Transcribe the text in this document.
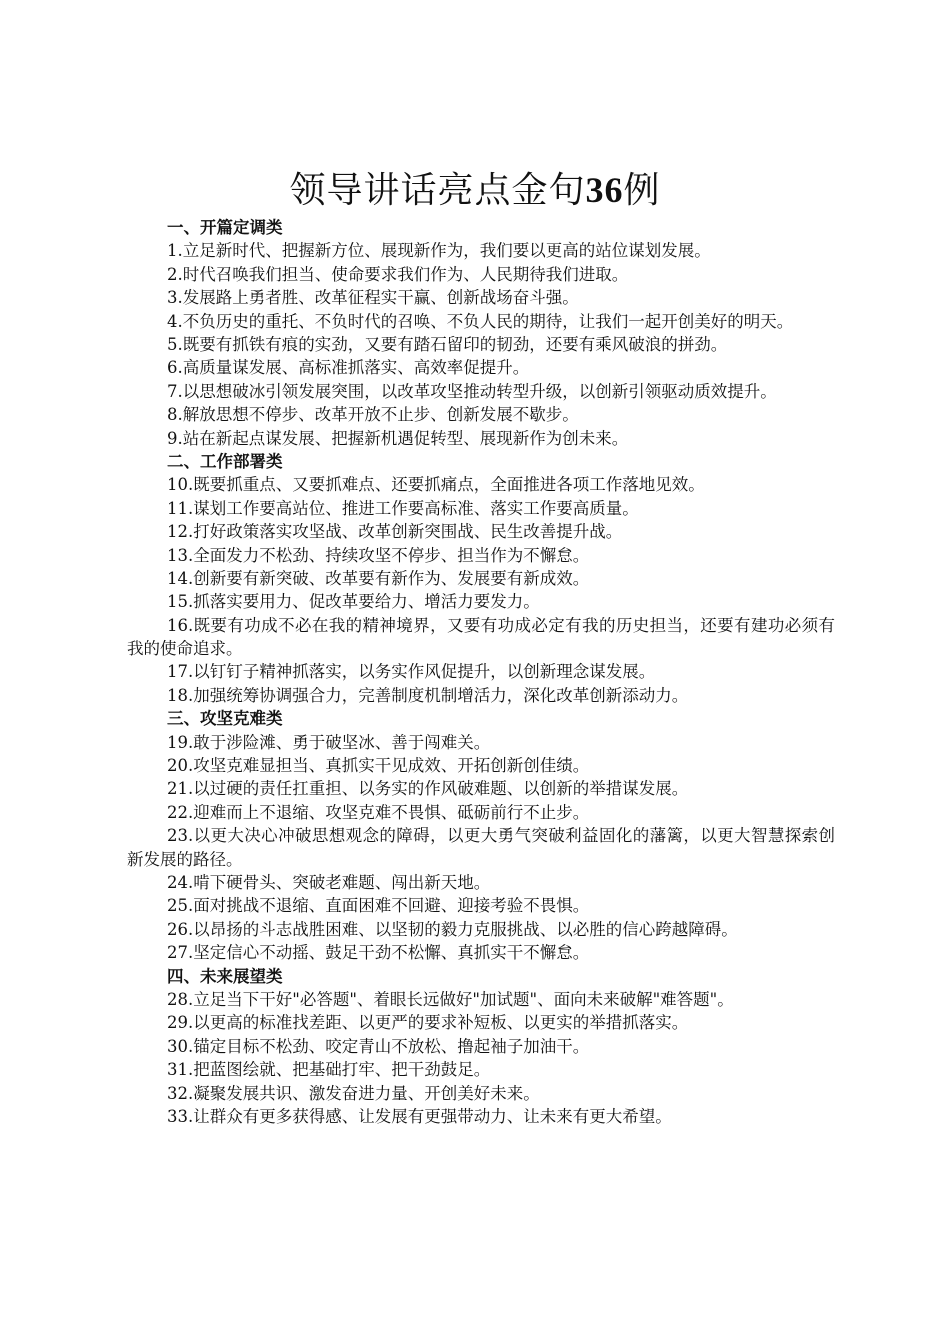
领导讲话亮点金句36例
一、开篇定调类
1.立足新时代、把握新方位、展现新作为，我们要以更高的站位谋划发展。
2.时代召唤我们担当、使命要求我们作为、人民期待我们进取。
3.发展路上勇者胜、改革征程实干赢、创新战场奋斗强。
4.不负历史的重托、不负时代的召唤、不负人民的期待，让我们一起开创美好的明天。
5.既要有抓铁有痕的实劲，又要有踏石留印的韧劲，还要有乘风破浪的拼劲。
6.高质量谋发展、高标准抓落实、高效率促提升。
7.以思想破冰引领发展突围，以改革攻坚推动转型升级，以创新引领驱动质效提升。
8.解放思想不停步、改革开放不止步、创新发展不歇步。
9.站在新起点谋发展、把握新机遇促转型、展现新作为创未来。
二、工作部署类
10.既要抓重点、又要抓难点、还要抓痛点，全面推进各项工作落地见效。
11.谋划工作要高站位、推进工作要高标准、落实工作要高质量。
12.打好政策落实攻坚战、改革创新突围战、民生改善提升战。
13.全面发力不松劲、持续攻坚不停步、担当作为不懈怠。
14.创新要有新突破、改革要有新作为、发展要有新成效。
15.抓落实要用力、促改革要给力、增活力要发力。
16.既要有功成不必在我的精神境界，又要有功成必定有我的历史担当，还要有建功必须有我的使命追求。
17.以钉钉子精神抓落实，以务实作风促提升，以创新理念谋发展。
18.加强统筹协调强合力，完善制度机制增活力，深化改革创新添动力。
三、攻坚克难类
19.敢于涉险滩、勇于破坚冰、善于闯难关。
20.攻坚克难显担当、真抓实干见成效、开拓创新创佳绩。
21.以过硬的责任扛重担、以务实的作风破难题、以创新的举措谋发展。
22.迎难而上不退缩、攻坚克难不畏惧、砥砺前行不止步。
23.以更大决心冲破思想观念的障碍，以更大勇气突破利益固化的藩篱，以更大智慧探索创新发展的路径。
24.啃下硬骨头、突破老难题、闯出新天地。
25.面对挑战不退缩、直面困难不回避、迎接考验不畏惧。
26.以昂扬的斗志战胜困难、以坚韧的毅力克服挑战、以必胜的信心跨越障碍。
27.坚定信心不动摇、鼓足干劲不松懈、真抓实干不懈怠。
四、未来展望类
28.立足当下干好"必答题"、着眼长远做好"加试题"、面向未来破解"难答题"。
29.以更高的标准找差距、以更严的要求补短板、以更实的举措抓落实。
30.锚定目标不松劲、咬定青山不放松、撸起袖子加油干。
31.把蓝图绘就、把基础打牢、把干劲鼓足。
32.凝聚发展共识、激发奋进力量、开创美好未来。
33.让群众有更多获得感、让发展有更强带动力、让未来有更大希望。
